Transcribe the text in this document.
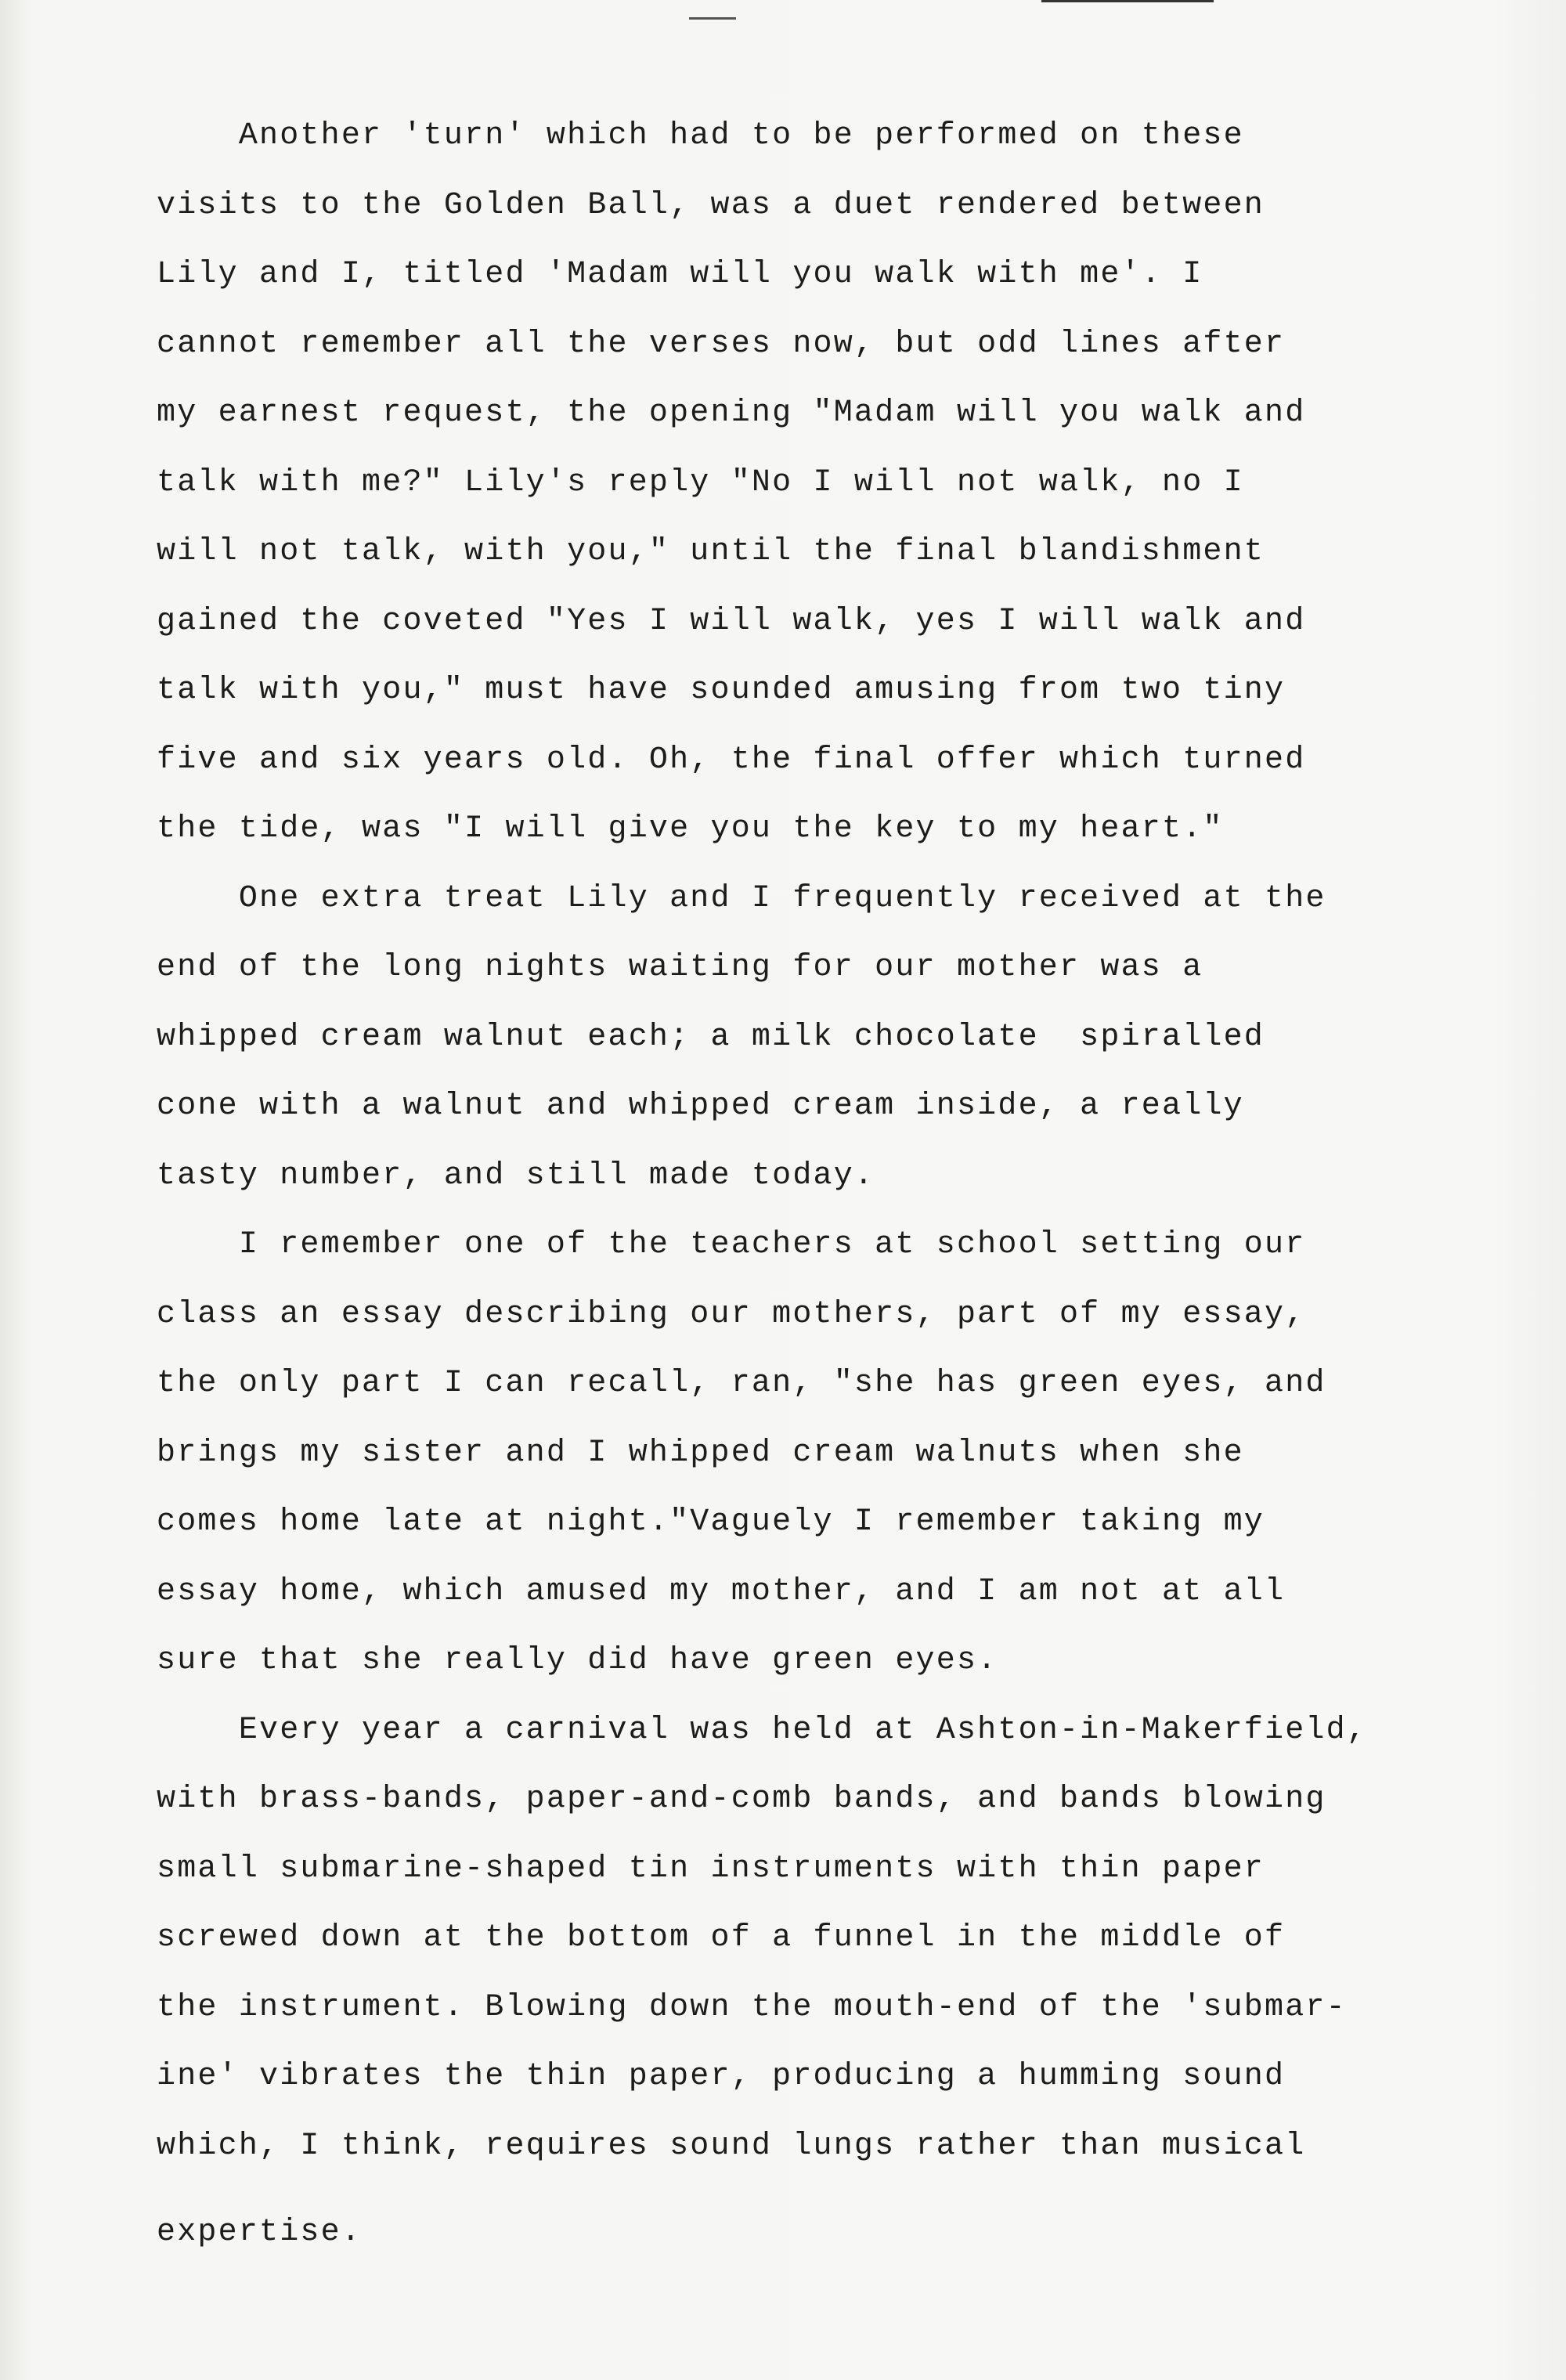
Another 'turn' which had to be performed on these
visits to the Golden Ball, was a duet rendered between
Lily and I, titled 'Madam will you walk with me'. I
cannot remember all the verses now, but odd lines after
my earnest request, the opening "Madam will you walk and
talk with me?" Lily's reply "No I will not walk, no I
will not talk, with you," until the final blandishment
gained the coveted "Yes I will walk, yes I will walk and
talk with you," must have sounded amusing from two tiny
five and six years old. Oh, the final offer which turned
the tide, was "I will give you the key to my heart."
One extra treat Lily and I frequently received at the
end of the long nights waiting for our mother was a
whipped cream walnut each; a milk chocolate  spiralled
cone with a walnut and whipped cream inside, a really
tasty number, and still made today.
I remember one of the teachers at school setting our
class an essay describing our mothers, part of my essay,
the only part I can recall, ran, "she has green eyes, and
brings my sister and I whipped cream walnuts when she
comes home late at night."Vaguely I remember taking my
essay home, which amused my mother, and I am not at all
sure that she really did have green eyes.
Every year a carnival was held at Ashton-in-Makerfield,
with brass-bands, paper-and-comb bands, and bands blowing
small submarine-shaped tin instruments with thin paper
screwed down at the bottom of a funnel in the middle of
the instrument. Blowing down the mouth-end of the 'submar-
ine' vibrates the thin paper, producing a humming sound
which, I think, requires sound lungs rather than musical
expertise.
